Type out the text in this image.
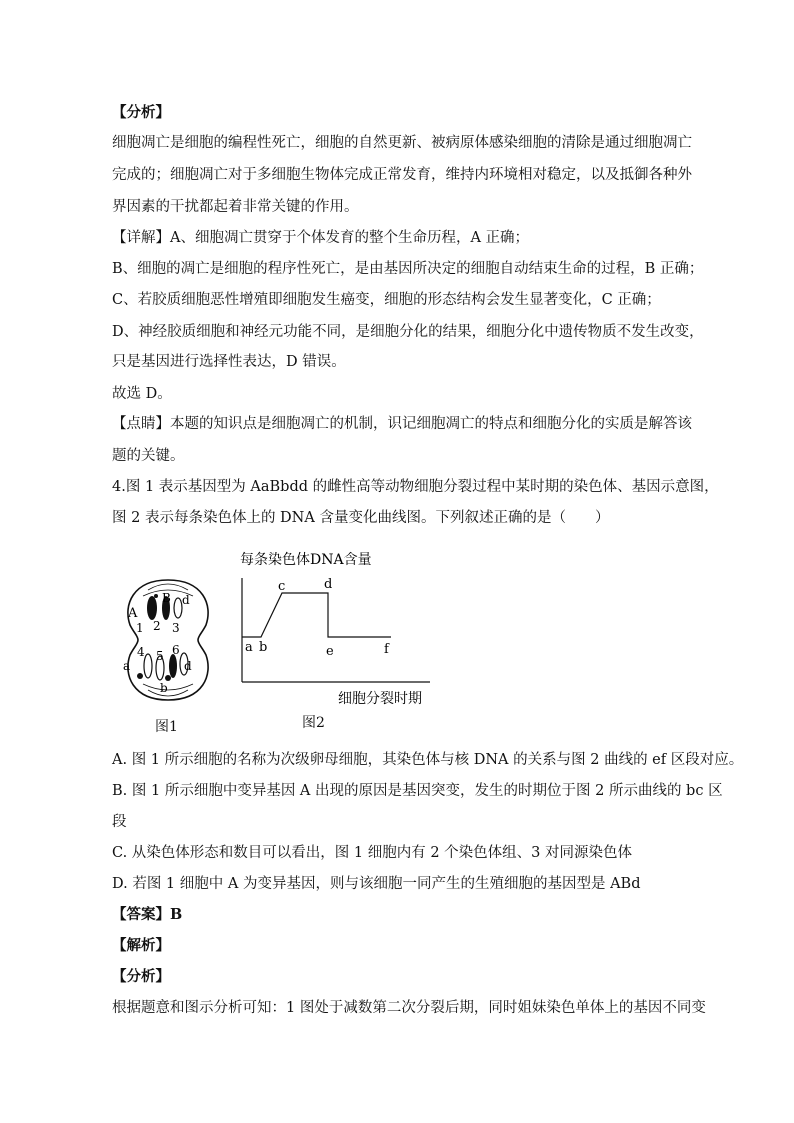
【分析】
细胞凋亡是细胞的编程性死亡，细胞的自然更新、被病原体感染细胞的清除是通过细胞凋亡
完成的；细胞凋亡对于多细胞生物体完成正常发育，维持内环境相对稳定，以及抵御各种外
界因素的干扰都起着非常关键的作用。
【详解】A、细胞凋亡贯穿于个体发育的整个生命历程，A 正确；
B、细胞的凋亡是细胞的程序性死亡，是由基因所决定的细胞自动结束生命的过程，B 正确；
C、若胶质细胞恶性增殖即细胞发生癌变，细胞的形态结构会发生显著变化，C 正确；
D、神经胶质细胞和神经元功能不同，是细胞分化的结果，细胞分化中遗传物质不发生改变，
只是基因进行选择性表达，D 错误。
故选 D。
【点睛】本题的知识点是细胞凋亡的机制，识记细胞凋亡的特点和细胞分化的实质是解答该
题的关键。
4.图 1 表示基因型为 AaBbdd 的雌性高等动物细胞分裂过程中某时期的染色体、基因示意图，
图 2 表示每条染色体上的 DNA 含量变化曲线图。下列叙述正确的是（　　）
A
B d
1 2 3
a
4 5 6
d
b
图1
每条染色体DNA含量
a b
c	d
e	f
细胞分裂时期
图2
A. 图 1 所示细胞的名称为次级卵母细胞，其染色体与核 DNA 的关系与图 2 曲线的 ef 区段对应。
B. 图 1 所示细胞中变异基因 A 出现的原因是基因突变，发生的时期位于图 2 所示曲线的 bc 区
段
C. 从染色体形态和数目可以看出，图 1 细胞内有 2 个染色体组、3 对同源染色体
D. 若图 1 细胞中 A 为变异基因，则与该细胞一同产生的生殖细胞的基因型是 ABd
【答案】B
【解析】
【分析】
根据题意和图示分析可知：1 图处于减数第二次分裂后期，同时姐妹染色单体上的基因不同变
